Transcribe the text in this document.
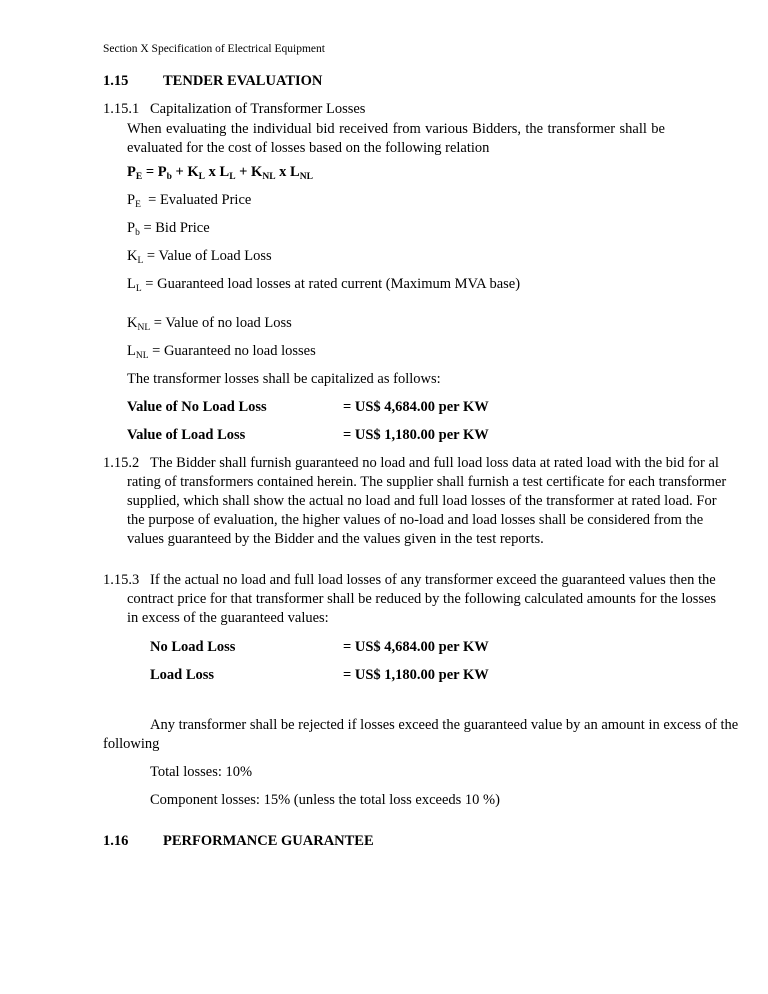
Section X Specification of Electrical Equipment
1.15 TENDER EVALUATION
1.15.1 Capitalization of Transformer Losses
When evaluating the individual bid received from various Bidders, the transformer shall be evaluated for the cost of losses based on the following relation
$P_E = P_b + K_L$ x $L_L + K_{NL}$ x $L_{NL}$
$P_E$  = Evaluated Price
$P_b$ = Bid Price
$K_L$ = Value of Load Loss
$L_L$ = Guaranteed load losses at rated current (Maximum MVA base)
$K_{NL}$ = Value of no load Loss
$L_{NL}$ = Guaranteed no load losses
The transformer losses shall be capitalized as follows:
Value of No Load Loss	= US$ 4,684.00 per KW
Value of Load Loss	= US$ 1,180.00 per KW
1.15.2 The Bidder shall furnish guaranteed no load and full load loss data at rated load with the bid for al
rating of transformers contained herein. The supplier shall furnish a test certificate for each transformer
supplied, which shall show the actual no load and full load losses of the transformer at rated load. For
the purpose of evaluation, the higher values of no-load and load losses shall be considered from the
values guaranteed by the Bidder and the values given in the test reports.
1.15.3 If the actual no load and full load losses of any transformer exceed the guaranteed values then the
contract price for that transformer shall be reduced by the following calculated amounts for the losses
in excess of the guaranteed values:
No Load Loss	= US$ 4,684.00 per KW
Load Loss	= US$ 1,180.00 per KW
Any transformer shall be rejected if losses exceed the guaranteed value by an amount in excess of the
following
Total losses: 10%
Component losses: 15% (unless the total loss exceeds 10 %)
1.16 PERFORMANCE GUARANTEE
